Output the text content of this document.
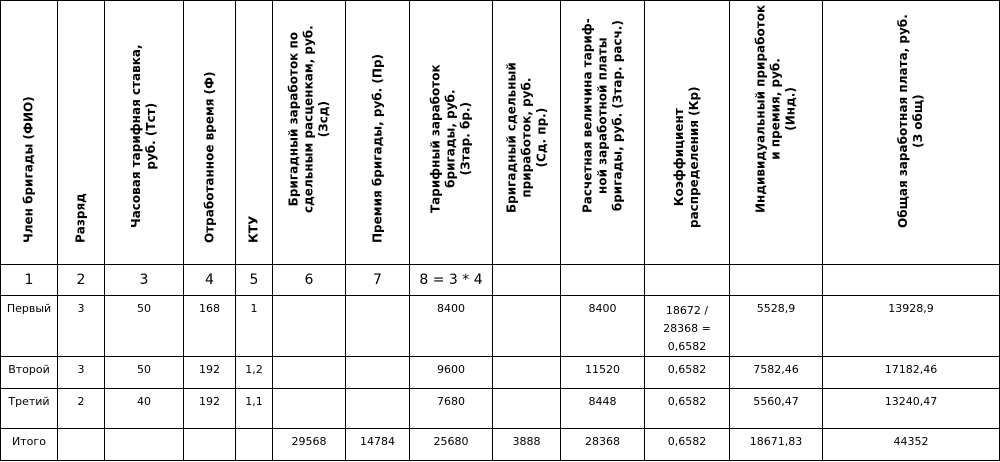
Член бригады (ФИО)	Разряд	Часовая тарифная ставка,
руб. (Тст)	Отработанное время (Ф)	КТУ	Бригадный заработок по
сдельным расценкам, руб.
(Зсд)	Премия бригады, руб. (Пр)	Тарифный заработок
бригады, руб.
(Зтар. бр.)	Бригадный сдельный
приработок, руб.
(Сд. пр.)	Расчетная величина тариф-
ной заработной платы
бригады, руб. (Зтар. расч.)	Коэффициент
распределения (Кр)	Индивидуальный приработок
и премия, руб.
(Инд.)	Общая заработная плата, руб.
(З общ)

1	2	3	4	5	6	7	8 = 3 * 4					
Первый	3	50	168	1			8400		8400	18672 /
28368 =
0,6582	5528,9	13928,9
Второй	3	50	192	1,2			9600		11520	0,6582	7582,46	17182,46
Третий	2	40	192	1,1			7680		8448	0,6582	5560,47	13240,47
Итого					29568	14784	25680	3888	28368	0,6582	18671,83	44352
